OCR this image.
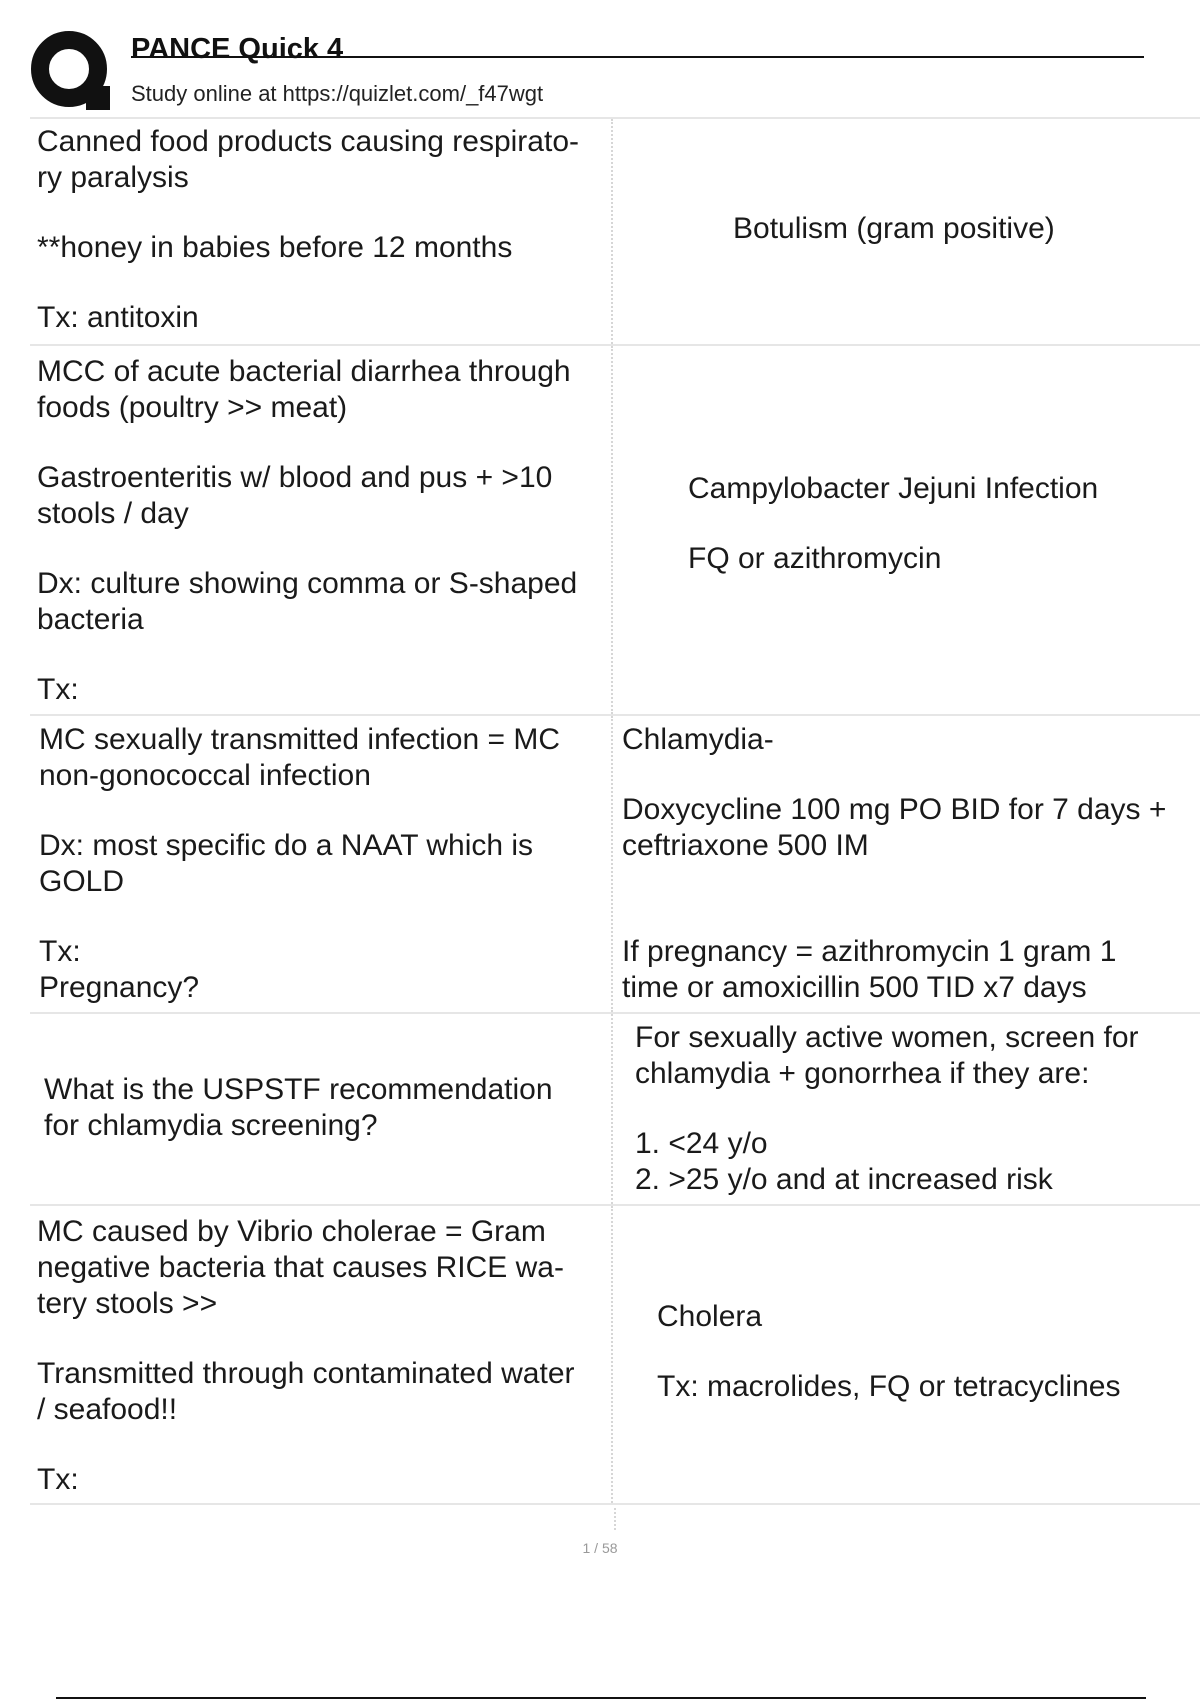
PANCE Quick 4
Study online at https://quizlet.com/_f47wgt

Canned food products causing respirato-
ry paralysis

**honey in babies before 12 months

Tx: antitoxin

Botulism (gram positive)

MCC of acute bacterial diarrhea through
foods (poultry >> meat)

Gastroenteritis w/ blood and pus + >10
stools / day

Dx: culture showing comma or S-shaped
bacteria

Tx:

Campylobacter Jejuni Infection

FQ or azithromycin

MC sexually transmitted infection = MC
non-gonococcal infection

Dx: most specific do a NAAT which is
GOLD

Tx:
Pregnancy?

Chlamydia-

Doxycycline 100 mg PO BID for 7 days +
ceftriaxone 500 IM

If pregnancy = azithromycin 1 gram 1
time or amoxicillin 500 TID x7 days

What is the USPSTF recommendation
for chlamydia screening?

For sexually active women, screen for
chlamydia + gonorrhea if they are:

1. <24 y/o
2. >25 y/o and at increased risk

MC caused by Vibrio cholerae = Gram
negative bacteria that causes RICE wa-
tery stools >>

Transmitted through contaminated water
/ seafood!!

Tx:

Cholera

Tx: macrolides, FQ or tetracyclines

1 / 58
